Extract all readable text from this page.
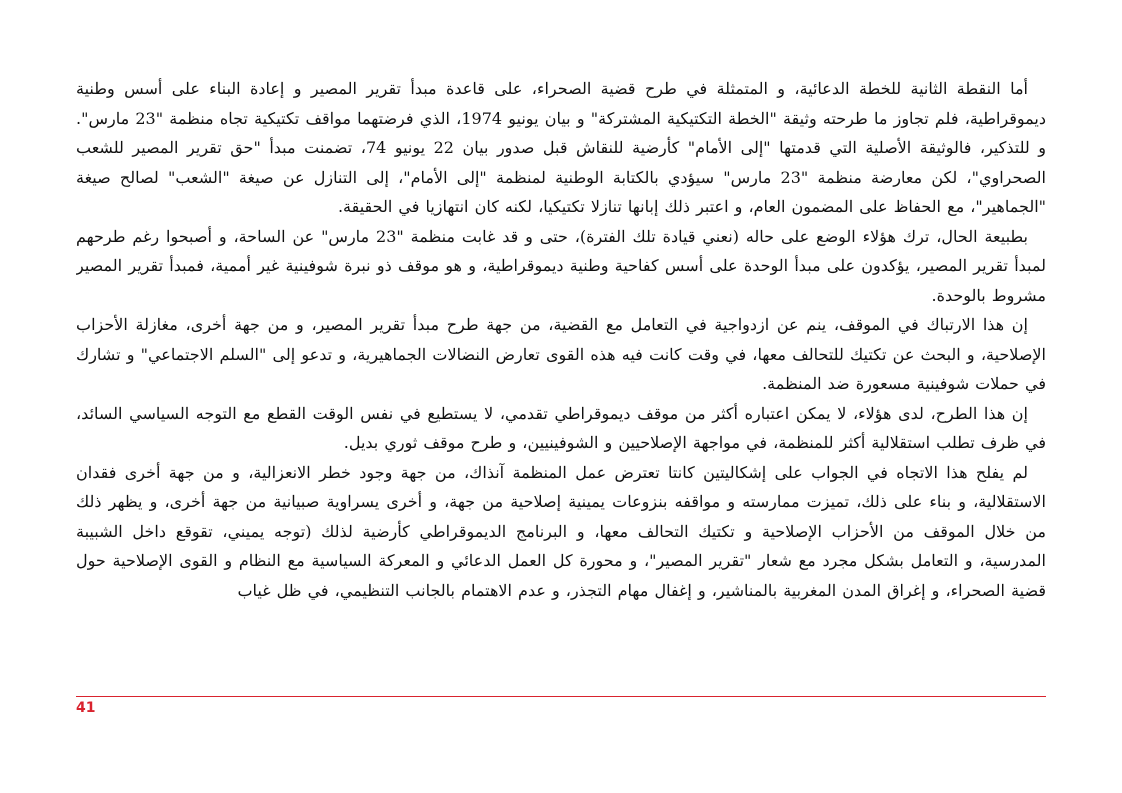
أما النقطة الثانية للخطة الدعائية، و المتمثلة في طرح قضية الصحراء، على قاعدة مبدأ تقرير المصير و إعادة البناء على أسس وطنية ديموقراطية، فلم تجاوز ما طرحته وثيقة "الخطة التكتيكية المشتركة" و بيان يونيو 1974، الذي فرضتهما مواقف تكتيكية تجاه منظمة "23 مارس". و للتذكير، فالوثيقة الأصلية التي قدمتها "إلى الأمام" كأرضية للنقاش قبل صدور بيان 22 يونيو 74، تضمنت مبدأ "حق تقرير المصير للشعب الصحراوي"، لكن معارضة منظمة "23 مارس" سيؤدي بالكتابة الوطنية لمنظمة "إلى الأمام"، إلى التنازل عن صيغة "الشعب" لصالح صيغة "الجماهير"، مع الحفاظ على المضمون العام، و اعتبر ذلك إبانها تنازلا تكتيكيا، لكنه كان انتهازيا في الحقيقة.

بطبيعة الحال، ترك هؤلاء الوضع على حاله (نعني قيادة تلك الفترة)، حتى و قد غابت منظمة "23 مارس" عن الساحة، و أصبحوا رغم طرحهم لمبدأ تقرير المصير، يؤكدون على مبدأ الوحدة على أسس كفاحية وطنية ديموقراطية، و هو موقف ذو نبرة شوفينية غير أممية، فمبدأ تقرير المصير مشروط بالوحدة.

إن هذا الارتباك في الموقف، ينم عن ازدواجية في التعامل مع القضية، من جهة طرح مبدأ تقرير المصير، و من جهة أخرى، مغازلة الأحزاب الإصلاحية، و البحث عن تكتيك للتحالف معها، في وقت كانت فيه هذه القوى تعارض النضالات الجماهيرية، و تدعو إلى "السلم الاجتماعي" و تشارك في حملات شوفينية مسعورة ضد المنظمة.

إن هذا الطرح، لدى هؤلاء، لا يمكن اعتباره أكثر من موقف ديموقراطي تقدمي، لا يستطيع في نفس الوقت القطع مع التوجه السياسي السائد، في ظرف تطلب استقلالية أكثر للمنظمة، في مواجهة الإصلاحيين و الشوفينيين، و طرح موقف ثوري بديل.

لم يفلح هذا الاتجاه في الجواب على إشكاليتين كانتا تعترض عمل المنظمة آنذاك، من جهة وجود خطر الانعزالية، و من جهة أخرى فقدان الاستقلالية، و بناء على ذلك، تميزت ممارسته و مواقفه بنزوعات يمينية إصلاحية من جهة، و أخرى يسراوية صبيانية من جهة أخرى، و يظهر ذلك من خلال الموقف من الأحزاب الإصلاحية و تكتيك التحالف معها، و البرنامج الديموقراطي كأرضية لذلك (توجه يميني، تقوقع داخل الشبيبة المدرسية، و التعامل بشكل مجرد مع شعار "تقرير المصير"، و محورة كل العمل الدعائي و المعركة السياسية مع النظام و القوى الإصلاحية حول قضية الصحراء، و إغراق المدن المغربية بالمناشير، و إغفال مهام التجذر، و عدم الاهتمام بالجانب التنظيمي، في ظل غياب

41
